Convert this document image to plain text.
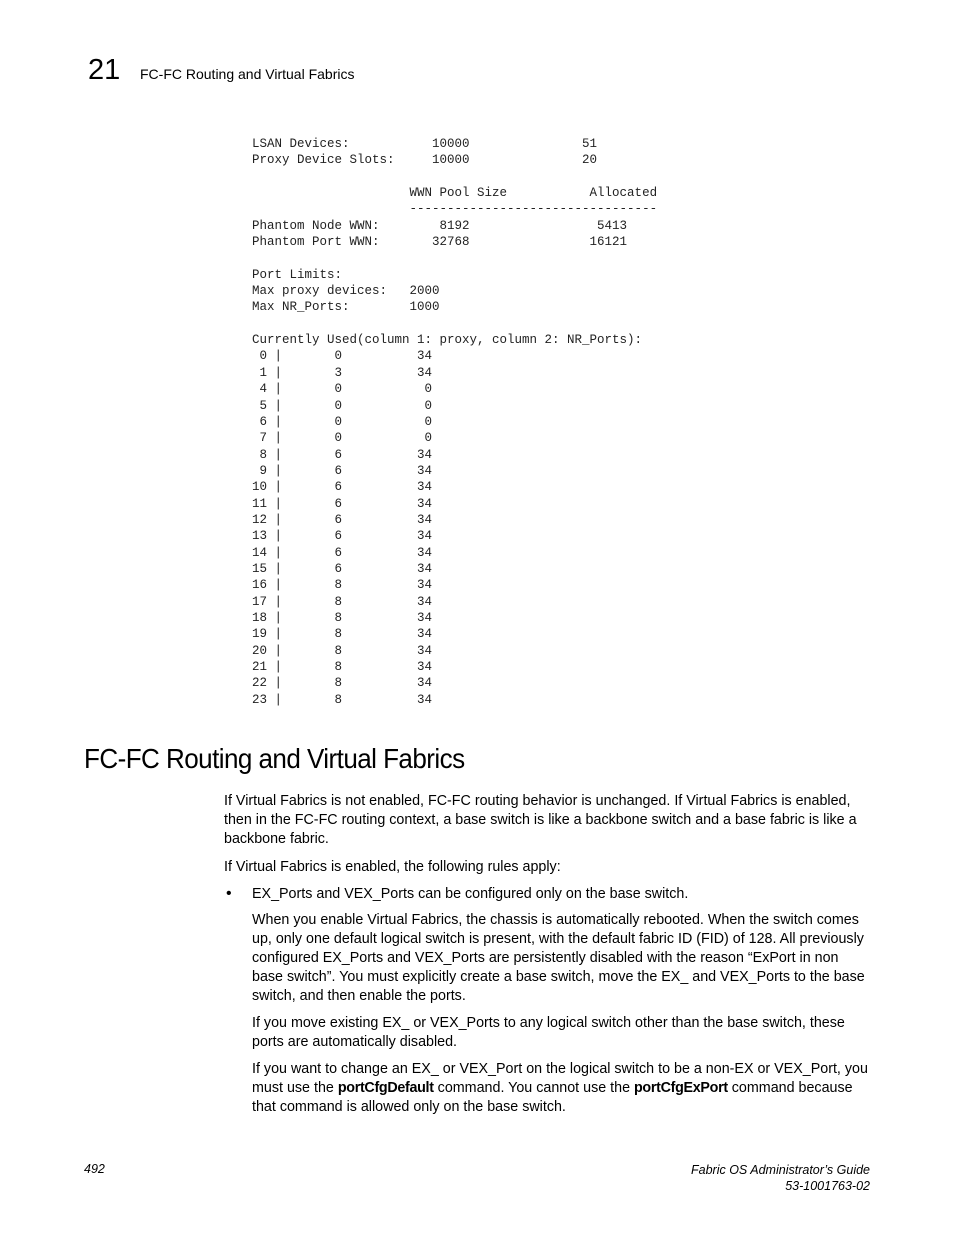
21 FC-FC Routing and Virtual Fabrics
LSAN Devices:           10000               51
Proxy Device Slots:     10000               20

WWN Pool Size           Allocated
---------------------------------
Phantom Node WWN:        8192                 5413
Phantom Port WWN:       32768                16121

Port Limits:
Max proxy devices:   2000
Max NR_Ports:        1000

Currently Used(column 1: proxy, column 2: NR_Ports):
0 |       0          34
1 |       3          34
4 |       0           0
5 |       0           0
6 |       0           0
7 |       0           0
8 |       6          34
9 |       6          34
10 |       6          34
11 |       6          34
12 |       6          34
13 |       6          34
14 |       6          34
15 |       6          34
16 |       8          34
17 |       8          34
18 |       8          34
19 |       8          34
20 |       8          34
21 |       8          34
22 |       8          34
23 |       8          34
FC-FC Routing and Virtual Fabrics

If Virtual Fabrics is not enabled, FC-FC routing behavior is unchanged. If Virtual Fabrics is enabled, then in the FC-FC routing context, a base switch is like a backbone switch and a base fabric is like a backbone fabric.

If Virtual Fabrics is enabled, the following rules apply:

• EX_Ports and VEX_Ports can be configured only on the base switch.

When you enable Virtual Fabrics, the chassis is automatically rebooted. When the switch comes up, only one default logical switch is present, with the default fabric ID (FID) of 128. All previously configured EX_Ports and VEX_Ports are persistently disabled with the reason “ExPort in non base switch”. You must explicitly create a base switch, move the EX_ and VEX_Ports to the base switch, and then enable the ports.

If you move existing EX_ or VEX_Ports to any logical switch other than the base switch, these ports are automatically disabled.

If you want to change an EX_ or VEX_Port on the logical switch to be a non-EX or VEX_Port, you must use the portCfgDefault command. You cannot use the portCfgExPort command because that command is allowed only on the base switch.

492	Fabric OS Administrator’s Guide
53-1001763-02
